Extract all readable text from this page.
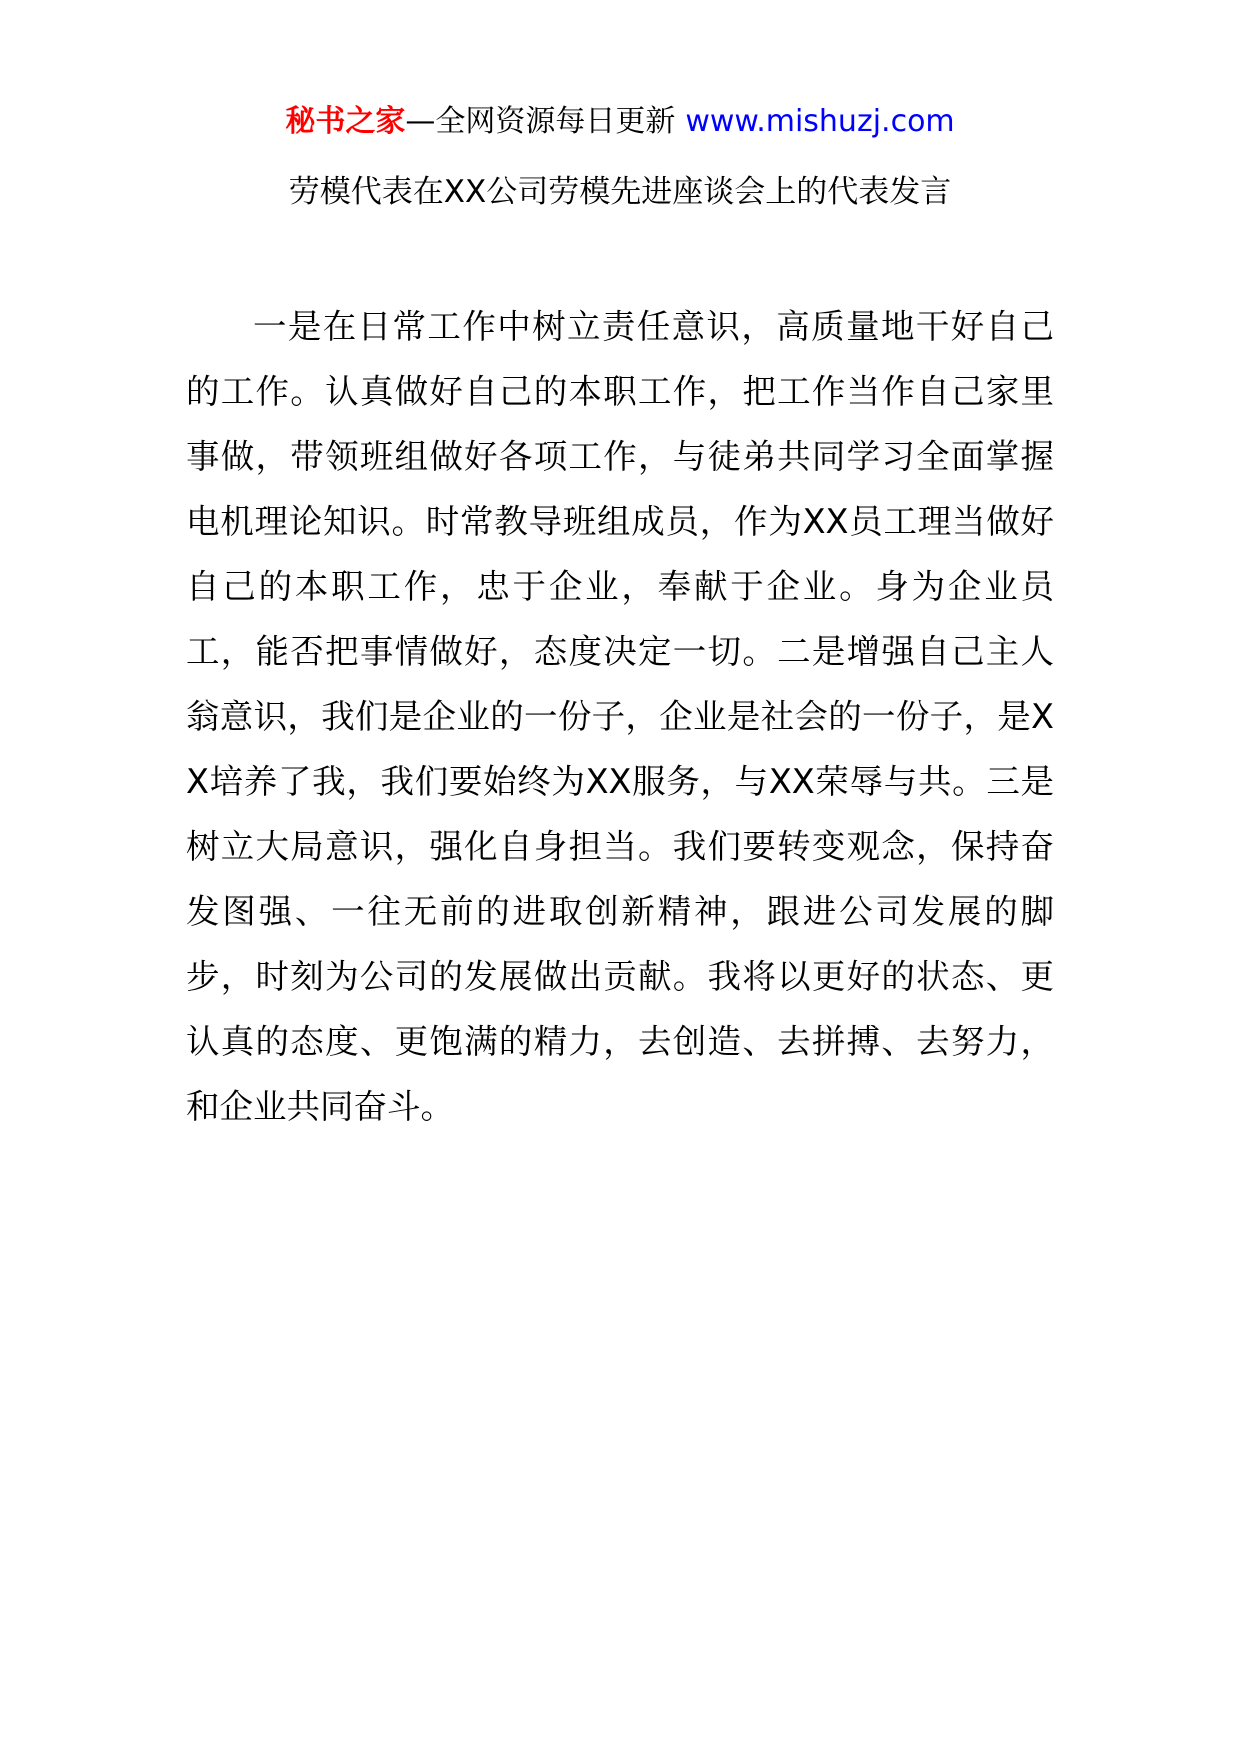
秘书之家—全网资源每日更新 www.mishuzj.com
劳模代表在XX公司劳模先进座谈会上的代表发言

一是在日常工作中树立责任意识，高质量地干好自己的工作。认真做好自己的本职工作，把工作当作自己家里事做，带领班组做好各项工作，与徒弟共同学习全面掌握电机理论知识。时常教导班组成员，作为XX员工理当做好自己的本职工作，忠于企业，奉献于企业。身为企业员工，能否把事情做好，态度决定一切。二是增强自己主人翁意识，我们是企业的一份子，企业是社会的一份子，是XX培养了我，我们要始终为XX服务，与XX荣辱与共。三是树立大局意识，强化自身担当。我们要转变观念，保持奋发图强、一往无前的进取创新精神，跟进公司发展的脚步，时刻为公司的发展做出贡献。我将以更好的状态、更认真的态度、更饱满的精力，去创造、去拼搏、去努力，和企业共同奋斗。
